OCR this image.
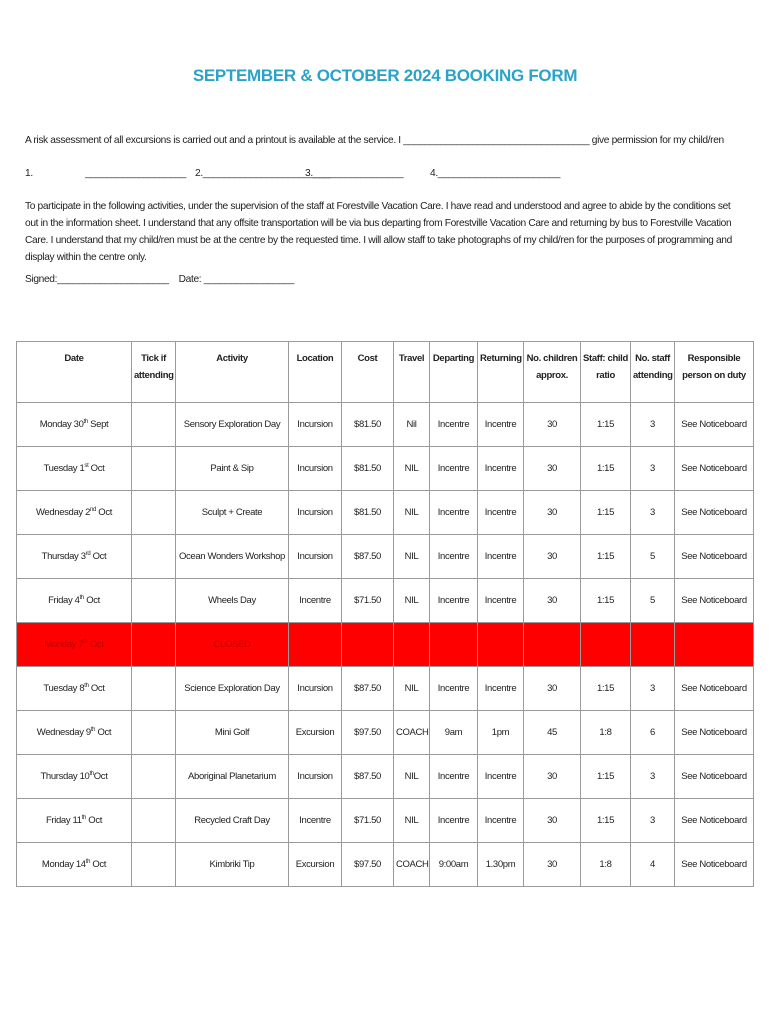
SEPTEMBER & OCTOBER 2024 BOOKING FORM
A risk assessment of all excursions is carried out and a printout is available at the service. I ___________________________________ give permission for my child/ren
1.	___________________ 2.________________________3._________________	4._______________________
To participate in the following activities, under the supervision of the staff at Forestville Vacation Care. I have read and understood and agree to abide by the conditions set out in the information sheet. I understand that any offsite transportation will be via bus departing from Forestville Vacation Care and returning by bus to Forestville Vacation Care. I understand that my child/ren must be at the centre by the requested time. I will allow staff to take photographs of my child/ren for the purposes of programming and display within the centre only.
Signed:_____________________ Date: _________________
Date	Tick if attending	Activity	Location	Cost	Travel	Departing	Returning	No. children approx.	Staff: child ratio	No. staff attending	Responsible person on duty
Monday 30th Sept		Sensory Exploration Day	Incursion	$81.50	Nil	Incentre	Incentre	30	1:15	3	See Noticeboard
Tuesday 1st Oct		Paint & Sip	Incursion	$81.50	NIL	Incentre	Incentre	30	1:15	3	See Noticeboard
Wednesday 2nd Oct		Sculpt + Create	Incursion	$81.50	NIL	Incentre	Incentre	30	1:15	3	See Noticeboard
Thursday 3rd Oct		Ocean Wonders Workshop	Incursion	$87.50	NIL	Incentre	Incentre	30	1:15	5	See Noticeboard
Friday 4th Oct		Wheels Day	Incentre	$71.50	NIL	Incentre	Incentre	30	1:15	5	See Noticeboard
Monday 7th Oct		CLOSED									
Tuesday 8th Oct		Science Exploration Day	Incursion	$87.50	NIL	Incentre	Incentre	30	1:15	3	See Noticeboard
Wednesday 9th Oct		Mini Golf	Excursion	$97.50	COACH	9am	1pm	45	1:8	6	See Noticeboard
Thursday 10thOct		Aboriginal Planetarium	Incursion	$87.50	NIL	Incentre	Incentre	30	1:15	3	See Noticeboard
Friday 11th Oct		Recycled Craft Day	Incentre	$71.50	NIL	Incentre	Incentre	30	1:15	3	See Noticeboard
Monday 14th Oct		Kimbriki Tip	Excursion	$97.50	COACH	9:00am	1.30pm	30	1:8	4	See Noticeboard
